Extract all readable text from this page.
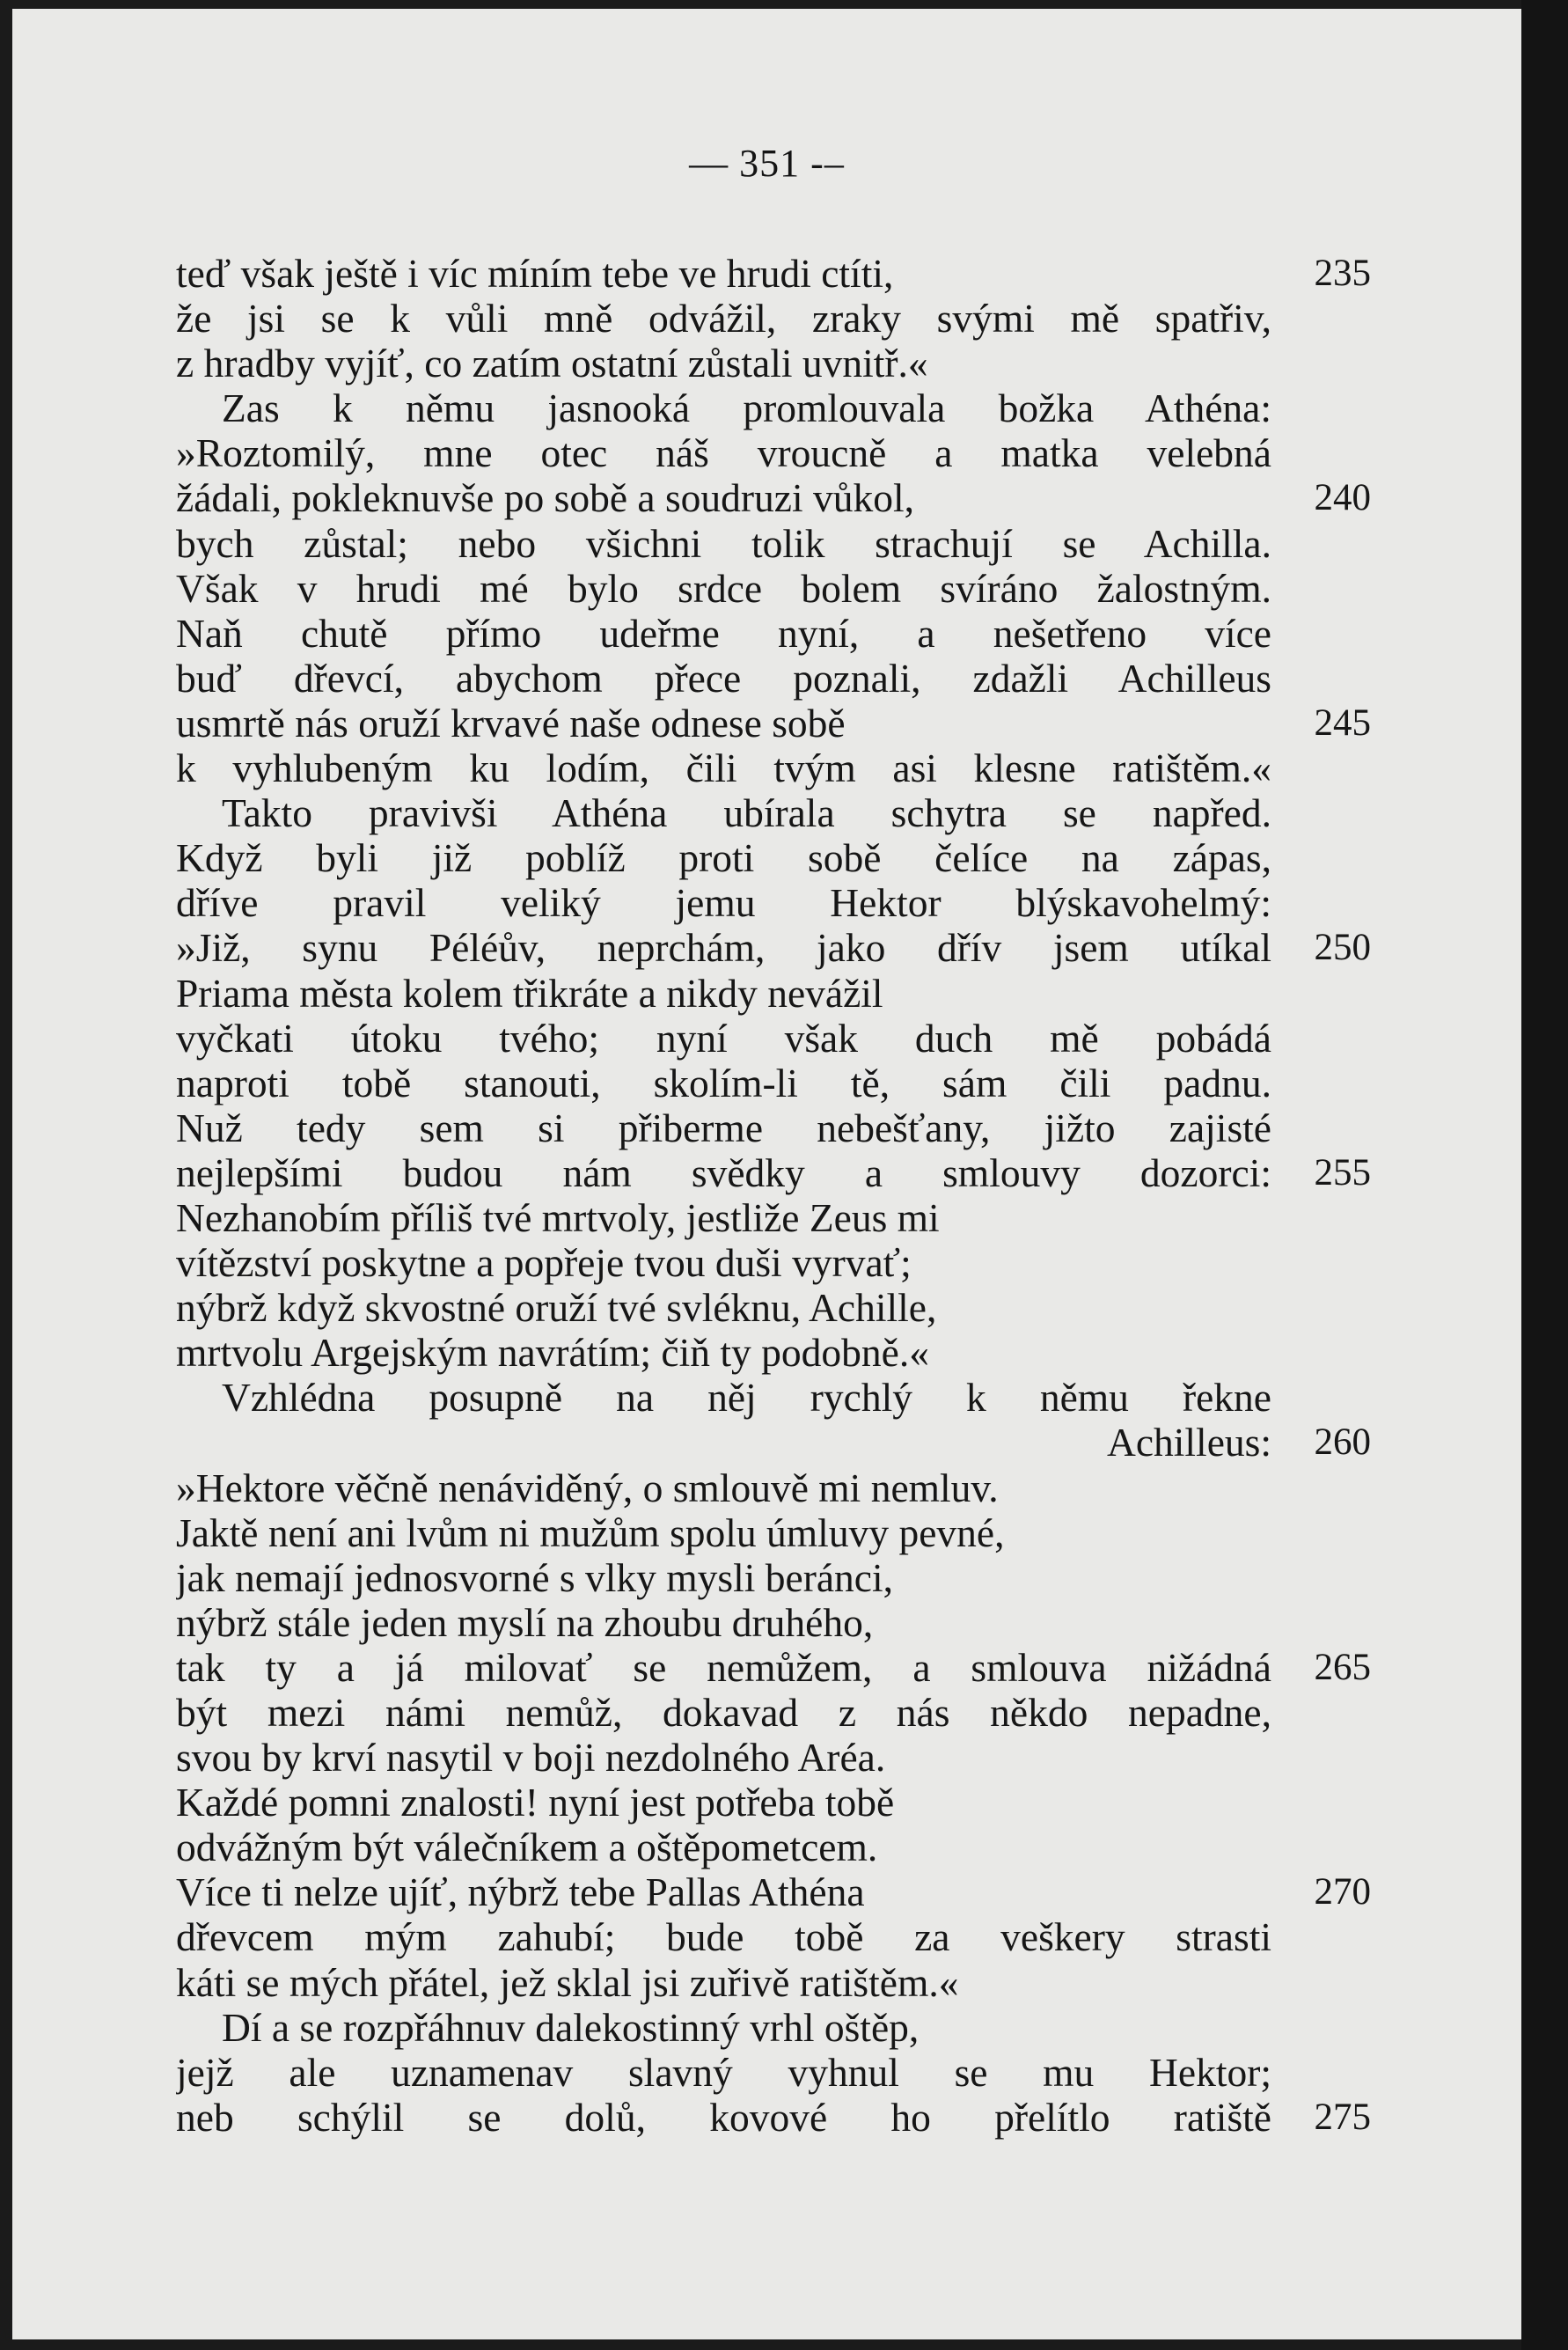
— 351 -–
teď však ještě i víc míním tebe ve hrudi ctíti,	235
že jsi se k vůli mně odvážil, zraky svými mě spatřiv,
z hradby vyjíť, co zatím ostatní zůstali uvnitř.«
Zas k němu jasnooká promlouvala božka Athéna:
»Roztomilý, mne otec náš vroucně a matka velebná
žádali, pokleknuvše po sobě a soudruzi vůkol,	240
bych zůstal; nebo všichni tolik strachují se Achilla.
Však v hrudi mé bylo srdce bolem svíráno žalostným.
Naň chutě přímo udeřme nyní, a nešetřeno více
buď dřevcí, abychom přece poznali, zdažli Achilleus
usmrtě nás oruží krvavé naše odnese sobě	245
k vyhlubeným ku lodím, čili tvým asi klesne ratištěm.«
Takto pravivši Athéna ubírala schytra se napřed.
Když byli již poblíž proti sobě čelíce na zápas,
dříve pravil veliký jemu Hektor blýskavohelmý:
»Již, synu Péléův, neprchám, jako dřív jsem utíkal	250
Priama města kolem třikráte a nikdy nevážil
vyčkati útoku tvého; nyní však duch mě pobádá
naproti tobě stanouti, skolím-li tě, sám čili padnu.
Nuž tedy sem si přiberme nebešťany, jižto zajisté
nejlepšími budou nám svědky a smlouvy dozorci:	255
Nezhanobím příliš tvé mrtvoly, jestliže Zeus mi
vítězství poskytne a popřeje tvou duši vyrvať;
nýbrž když skvostné oruží tvé svléknu, Achille,
mrtvolu Argejským navrátím; čiň ty podobně.«
Vzhlédna posupně na něj rychlý k němu řekne
Achilleus:	260
»Hektore věčně nenáviděný, o smlouvě mi nemluv.
Jaktě není ani lvům ni mužům spolu úmluvy pevné,
jak nemají jednosvorné s vlky mysli beránci,
nýbrž stále jeden myslí na zhoubu druhého,
tak ty a já milovať se nemůžem, a smlouva nižádná	265
být mezi námi nemůž, dokavad z nás někdo nepadne,
svou by krví nasytil v boji nezdolného Aréa.
Každé pomni znalosti! nyní jest potřeba tobě
odvážným být válečníkem a oštěpometcem.
Více ti nelze ujíť, nýbrž tebe Pallas Athéna	270
dřevcem mým zahubí; bude tobě za veškery strasti
káti se mých přátel, jež sklal jsi zuřivě ratištěm.«
Dí a se rozpřáhnuv dalekostinný vrhl oštěp,
jejž ale uznamenav slavný vyhnul se mu Hektor;
neb schýlil se dolů, kovové ho přelítlo ratiště	275
